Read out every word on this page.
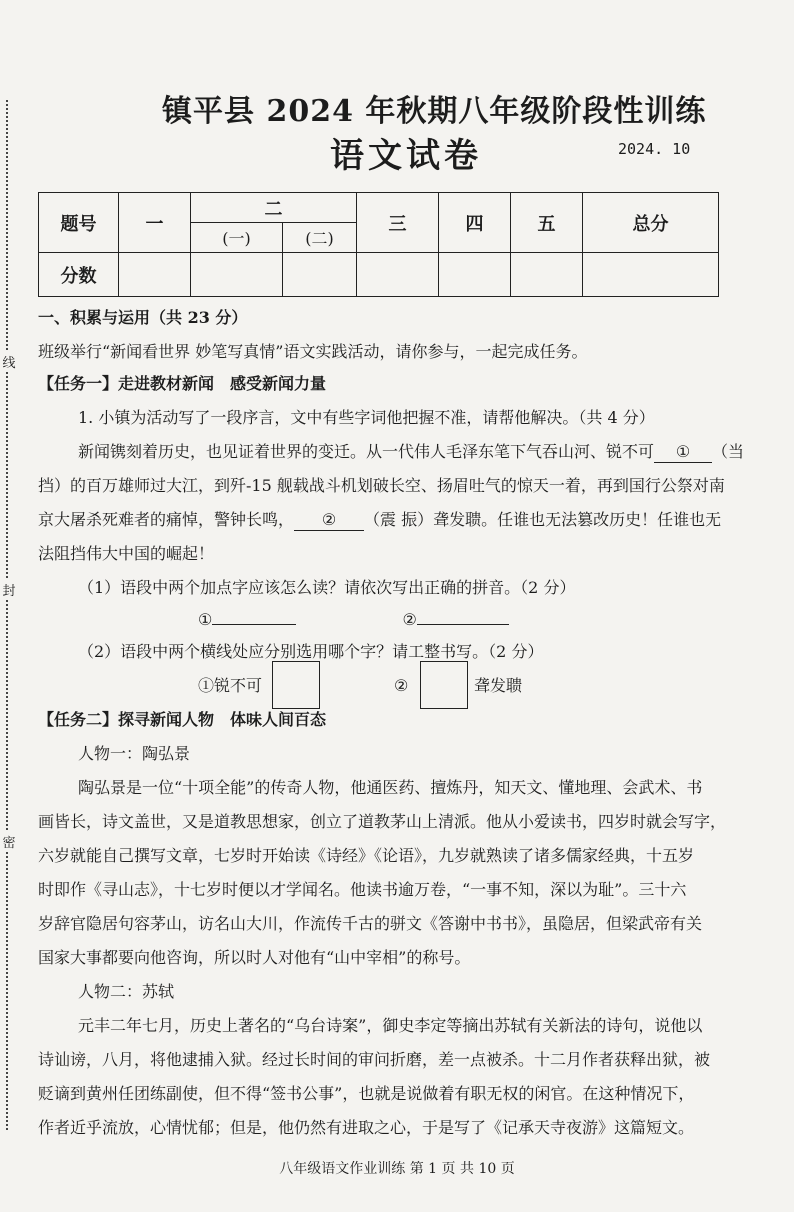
线
封
密
镇平县 2024 年秋期八年级阶段性训练
语文试卷	2024. 10
题号	一	二		三	四	五	总分
		(一)	(二)				
分数							
一、积累与运用（共 23 分）
班级举行“新闻看世界 妙笔写真情”语文实践活动，请你参与，一起完成任务。
【任务一】走进教材新闻　感受新闻力量
1. 小镇为活动写了一段序言，文中有些字词他把握不准，请帮他解决。（共 4 分）
新闻镌刻着历史，也见证着世界的变迁。从一代伟人毛泽东笔下气吞山河、锐不可 ① （当
挡）的百万雄师过大江，到歼-15 舰载战斗机划破长空、扬眉吐气的惊天一着，再到国行公祭对南
京大屠杀死难者的痛悼，警钟长鸣， ② （震 振）聋发聩。任谁也无法篡改历史！任谁也无
法阻挡伟大中国的崛起！
（1）语段中两个加点字应该怎么读？请依次写出正确的拼音。（2 分）
①	②
（2）语段中两个横线处应分别选用哪个字？请工整书写。（2 分）
①锐不可	②	聋发聩
【任务二】探寻新闻人物　体味人间百态
人物一：陶弘景
陶弘景是一位“十项全能”的传奇人物，他通医药、擅炼丹，知天文、懂地理、会武术、书
画皆长，诗文盖世，又是道教思想家，创立了道教茅山上清派。他从小爱读书，四岁时就会写字，
六岁就能自己撰写文章，七岁时开始读《诗经》《论语》，九岁就熟读了诸多儒家经典，十五岁
时即作《寻山志》，十七岁时便以才学闻名。他读书逾万卷，“一事不知，深以为耻”。三十六
岁辞官隐居句容茅山，访名山大川，作流传千古的骈文《答谢中书书》，虽隐居，但梁武帝有关
国家大事都要向他咨询，所以时人对他有“山中宰相”的称号。
人物二：苏轼
元丰二年七月，历史上著名的“乌台诗案”，御史李定等摘出苏轼有关新法的诗句，说他以
诗讪谤，八月，将他逮捕入狱。经过长时间的审问折磨，差一点被杀。十二月作者获释出狱，被
贬谪到黄州任团练副使，但不得“签书公事”，也就是说做着有职无权的闲官。在这种情况下，
作者近乎流放，心情忧郁；但是，他仍然有进取之心，于是写了《记承天寺夜游》这篇短文。
八年级语文作业训练 第 1 页 共 10 页
